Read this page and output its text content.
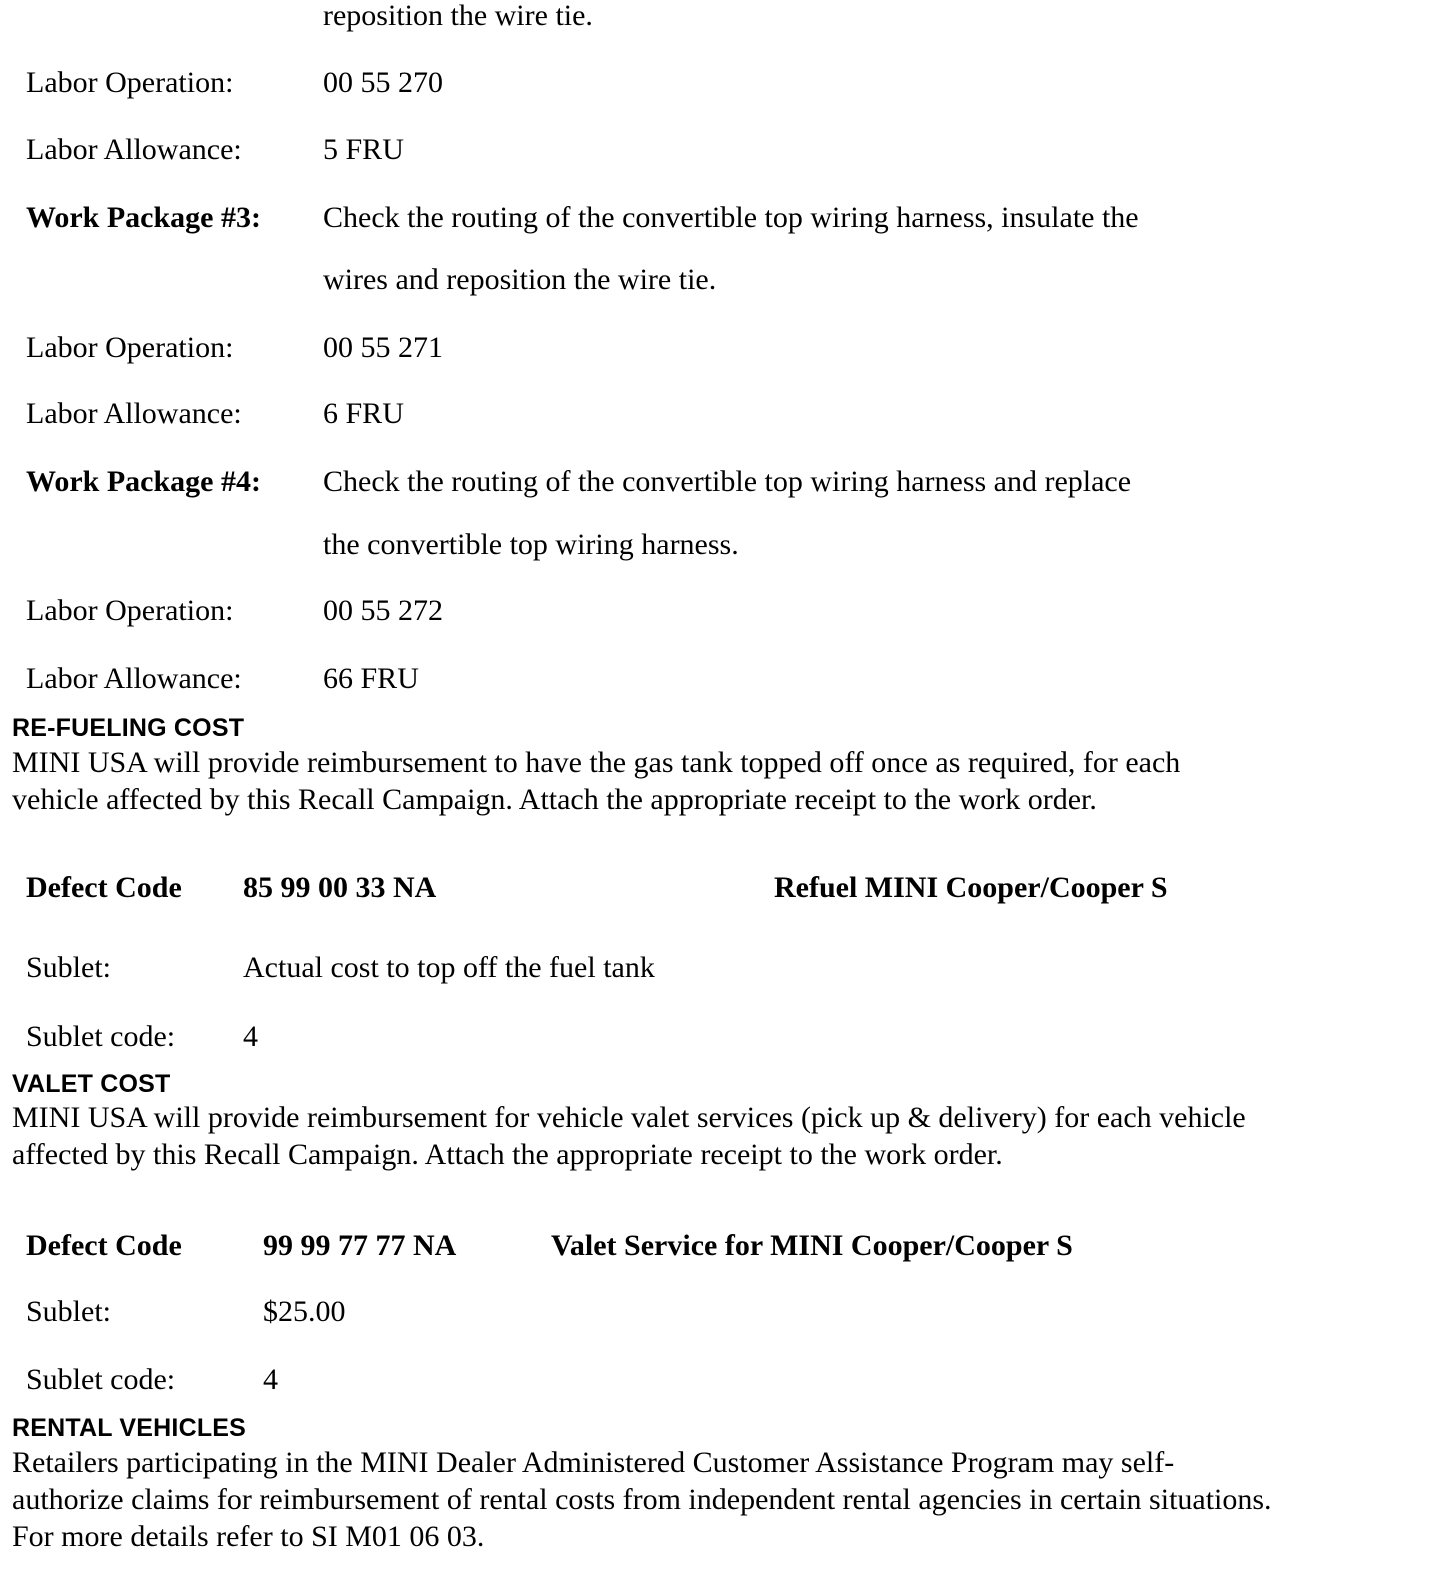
reposition the wire tie.
Labor Operation:	00 55 270
Labor Allowance:	5 FRU
Work Package #3: Check the routing of the convertible top wiring harness, insulate the
wires and reposition the wire tie.
Labor Operation:	00 55 271
Labor Allowance:	6 FRU
Work Package #4: Check the routing of the convertible top wiring harness and replace
the convertible top wiring harness.
Labor Operation:	00 55 272
Labor Allowance:	66 FRU
RE-FUELING COST
MINI USA will provide reimbursement to have the gas tank topped off once as required, for each
vehicle affected by this Recall Campaign. Attach the appropriate receipt to the work order.
Defect Code 85 99 00 33 NA	Refuel MINI Cooper/Cooper S
Sublet:	Actual cost to top off the fuel tank
Sublet code: 4
VALET COST
MINI USA will provide reimbursement for vehicle valet services (pick up & delivery) for each vehicle
affected by this Recall Campaign. Attach the appropriate receipt to the work order.
Defect Code	99 99 77 77 NA	Valet Service for MINI Cooper/Cooper S
Sublet:	$25.00
Sublet code:	4
RENTAL VEHICLES
Retailers participating in the MINI Dealer Administered Customer Assistance Program may self-
authorize claims for reimbursement of rental costs from independent rental agencies in certain situations.
For more details refer to SI M01 06 03.
